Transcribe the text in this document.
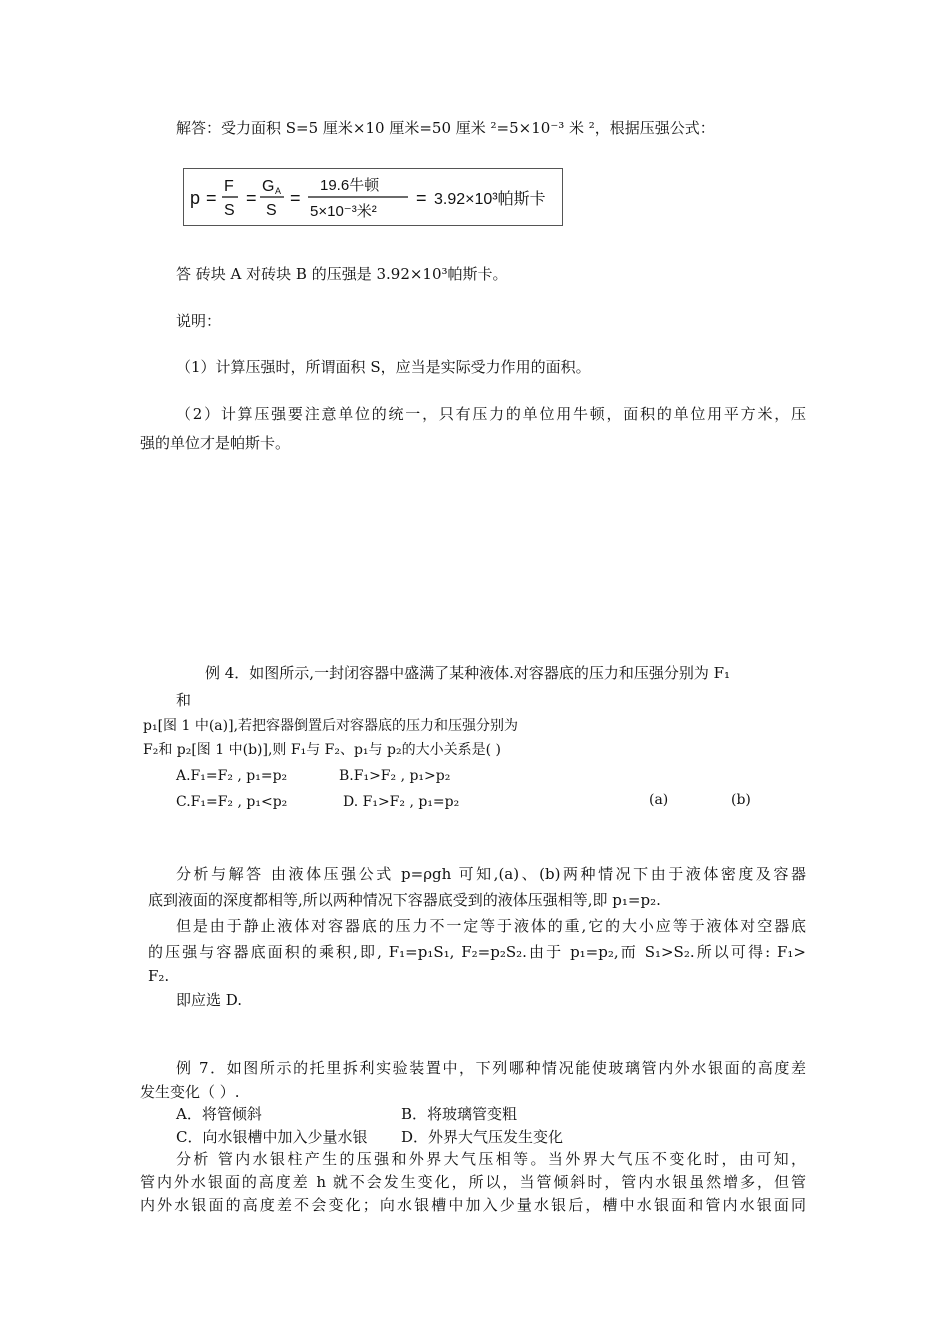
解答：受力面积 S=5 厘米×10 厘米=50 厘米 ²=5×10⁻³ 米 ²，根据压强公式：
p =
F
S
=
G A
S
=
19.6牛顿
5×10⁻³米²
= 3.92×10³帕斯卡
答 砖块 A 对砖块 B 的压强是 3.92×10³帕斯卡。
说明：
（1）计算压强时，所谓面积 S，应当是实际受力作用的面积。
（2）计算压强要注意单位的统一，只有压力的单位用牛顿，面积的单位用平方米，压
强的单位才是帕斯卡。
例 4．如图所示,一封闭容器中盛满了某种液体.对容器底的压力和压强分别为 F₁
和
p₁[图 1 中(a)],若把容器倒置后对容器底的压力和压强分别为
F₂和 p₂[图 1 中(b)],则 F₁与 F₂、p₁与 p₂的大小关系是( )
A.F₁=F₂ , p₁=p₂	B.F₁>F₂ , p₁>p₂
C.F₁=F₂ , p₁<p₂	D. F₁>F₂ , p₁=p₂	(a)	(b)
分析与解答 由液体压强公式 p=ρgh 可知,(a)、(b)两种情况下由于液体密度及容器
底到液面的深度都相等,所以两种情况下容器底受到的液体压强相等,即 p₁=p₂.
但是由于静止液体对容器底的压力不一定等于液体的重,它的大小应等于液体对空器底
的压强与容器底面积的乘积,即, F₁=p₁S₁, F₂=p₂S₂.由于 p₁=p₂,而 S₁>S₂.所以可得: F₁>
F₂.
即应选 D.
例 7．如图所示的托里拆利实验装置中，下列哪种情况能使玻璃管内外水银面的高度差
发生变化（ ）.
A．将管倾斜	B．将玻璃管变粗
C．向水银槽中加入少量水银 D．外界大气压发生变化
分析 管内水银柱产生的压强和外界大气压相等。当外界大气压不变化时，由可知，
管内外水银面的高度差 h 就不会发生变化，所以，当管倾斜时，管内水银虽然增多，但管
内外水银面的高度差不会变化；向水银槽中加入少量水银后，槽中水银面和管内水银面同
